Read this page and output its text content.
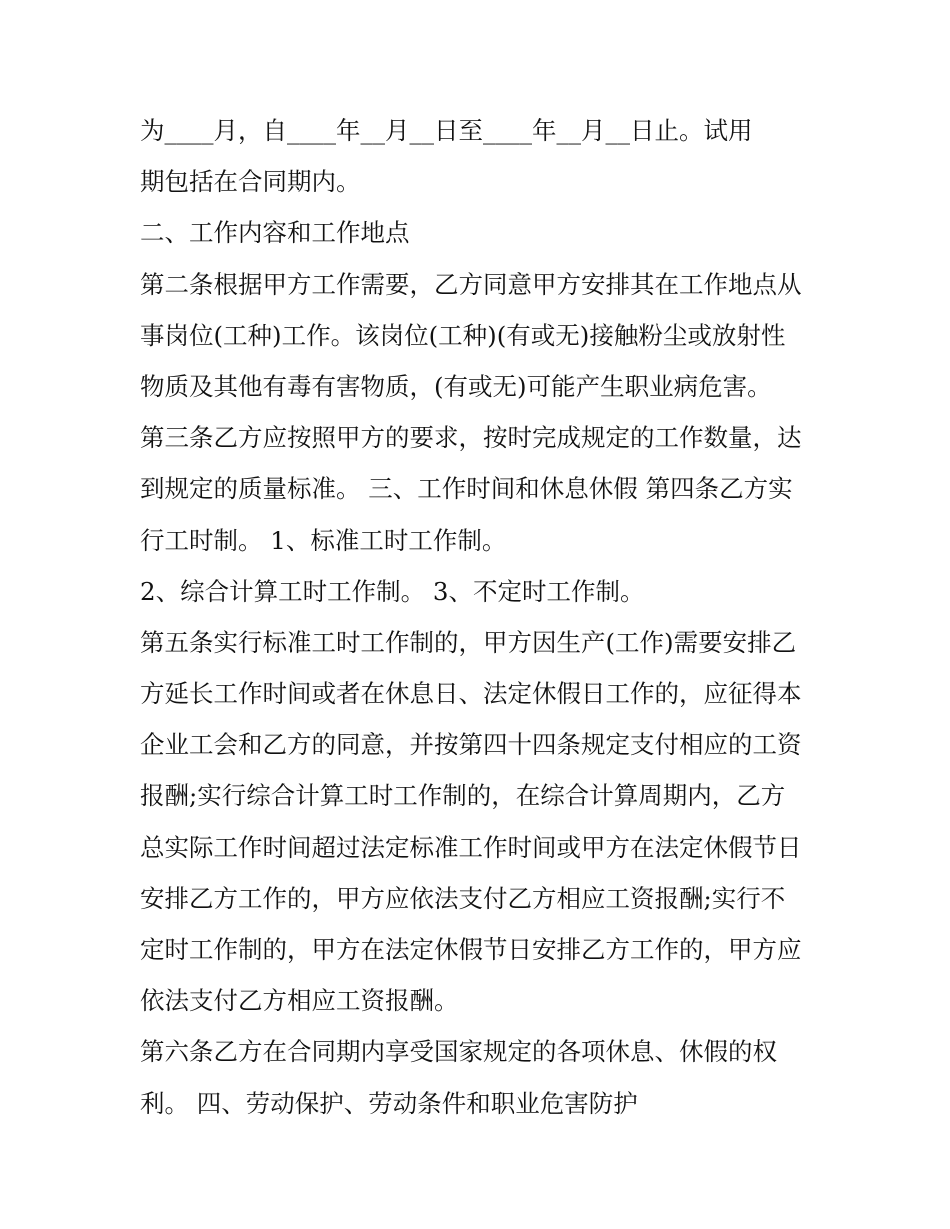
为____月，自____年__月__日至____年__月__日止。试用
期包括在合同期内。
二、工作内容和工作地点
第二条根据甲方工作需要，乙方同意甲方安排其在工作地点从
事岗位(工种)工作。该岗位(工种)(有或无)接触粉尘或放射性
物质及其他有毒有害物质，(有或无)可能产生职业病危害。
第三条乙方应按照甲方的要求，按时完成规定的工作数量，达
到规定的质量标准。 三、工作时间和休息休假 第四条乙方实
行工时制。 1、标准工时工作制。
2、综合计算工时工作制。 3、不定时工作制。
第五条实行标准工时工作制的，甲方因生产(工作)需要安排乙
方延长工作时间或者在休息日、法定休假日工作的，应征得本
企业工会和乙方的同意，并按第四十四条规定支付相应的工资
报酬;实行综合计算工时工作制的，在综合计算周期内，乙方
总实际工作时间超过法定标准工作时间或甲方在法定休假节日
安排乙方工作的，甲方应依法支付乙方相应工资报酬;实行不
定时工作制的，甲方在法定休假节日安排乙方工作的，甲方应
依法支付乙方相应工资报酬。
第六条乙方在合同期内享受国家规定的各项休息、休假的权
利。 四、劳动保护、劳动条件和职业危害防护
